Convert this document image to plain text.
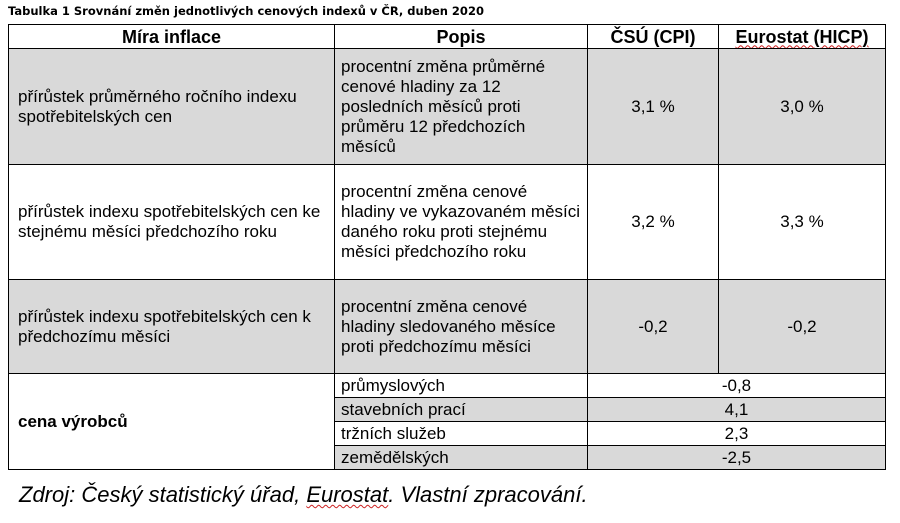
Tabulka 1 Srovnání změn jednotlivých cenových indexů v ČR, duben 2020
Míra inflace	Popis	ČSÚ (CPI)	Eurostat (HICP)
přírůstek průměrného ročního indexu spotřebitelských cen	procentní změna průměrné cenové hladiny za 12 posledních měsíců proti průměru 12 předchozích měsíců	3,1 %	3,0 %
přírůstek indexu spotřebitelských cen ke stejnému měsíci předchozího roku	procentní změna cenové hladiny ve vykazovaném měsíci daného roku proti stejnému měsíci předchozího roku	3,2 %	3,3 %
přírůstek indexu spotřebitelských cen k předchozímu měsíci	procentní změna cenové hladiny sledovaného měsíce proti předchozímu měsíci	-0,2	-0,2
cena výrobců	průmyslových	-0,8	
	stavebních prací	4,1	
	tržních služeb	2,3	
	zemědělských	-2,5	
Zdroj: Český statistický úřad, Eurostat. Vlastní zpracování.
